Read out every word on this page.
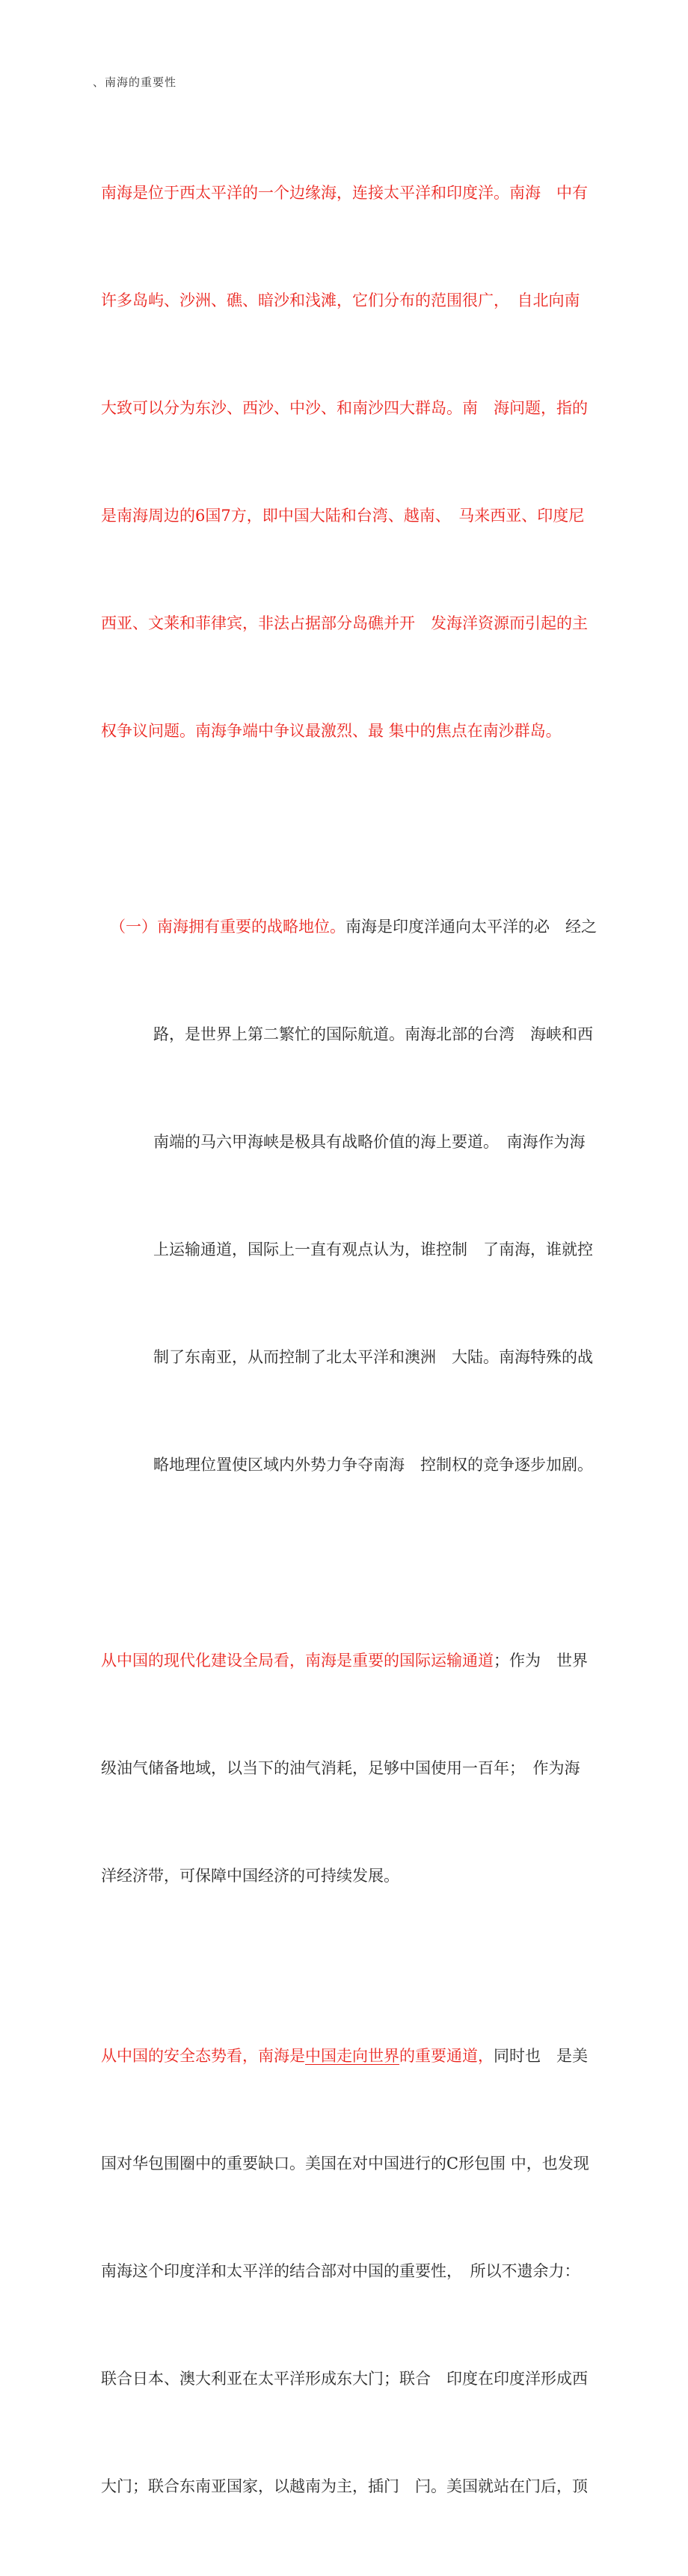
、南海的重要性

南海是位于西太平洋的一个边缘海，连接太平洋和印度洋。南海　中有

许多岛屿、沙洲、礁、暗沙和浅滩，它们分布的范围很广，　自北向南

大致可以分为东沙、西沙、中沙、和南沙四大群岛。南　海问题，指的

是南海周边的6国7方，即中国大陆和台湾、越南、　马来西亚、印度尼

西亚、文莱和菲律宾，非法占据部分岛礁并开　发海洋资源而引起的主

权争议问题。南海争端中争议最激烈、最 集中的焦点在南沙群岛。

（一）南海拥有重要的战略地位。南海是印度洋通向太平洋的必　经之

路，是世界上第二繁忙的国际航道。南海北部的台湾　海峡和西

南端的马六甲海峡是极具有战略价值的海上要道。　南海作为海

上运输通道，国际上一直有观点认为，谁控制　了南海，谁就控

制了东南亚，从而控制了北太平洋和澳洲　大陆。南海特殊的战

略地理位置使区域内外势力争夺南海　控制权的竞争逐步加剧。

从中国的现代化建设全局看，南海是重要的国际运输通道；作为　世界

级油气储备地域，以当下的油气消耗，足够中国使用一百年；　作为海

洋经济带，可保障中国经济的可持续发展。

从中国的安全态势看，南海是中国走向世界的重要通道，同时也　是美

国对华包围圈中的重要缺口。美国在对中国进行的C形包围 中，也发现

南海这个印度洋和太平洋的结合部对中国的重要性，　所以不遗余力：

联合日本、澳大利亚在太平洋形成东大门；联合　印度在印度洋形成西

大门；联合东南亚国家，以越南为主，插门　闩。美国就站在门后，顶
